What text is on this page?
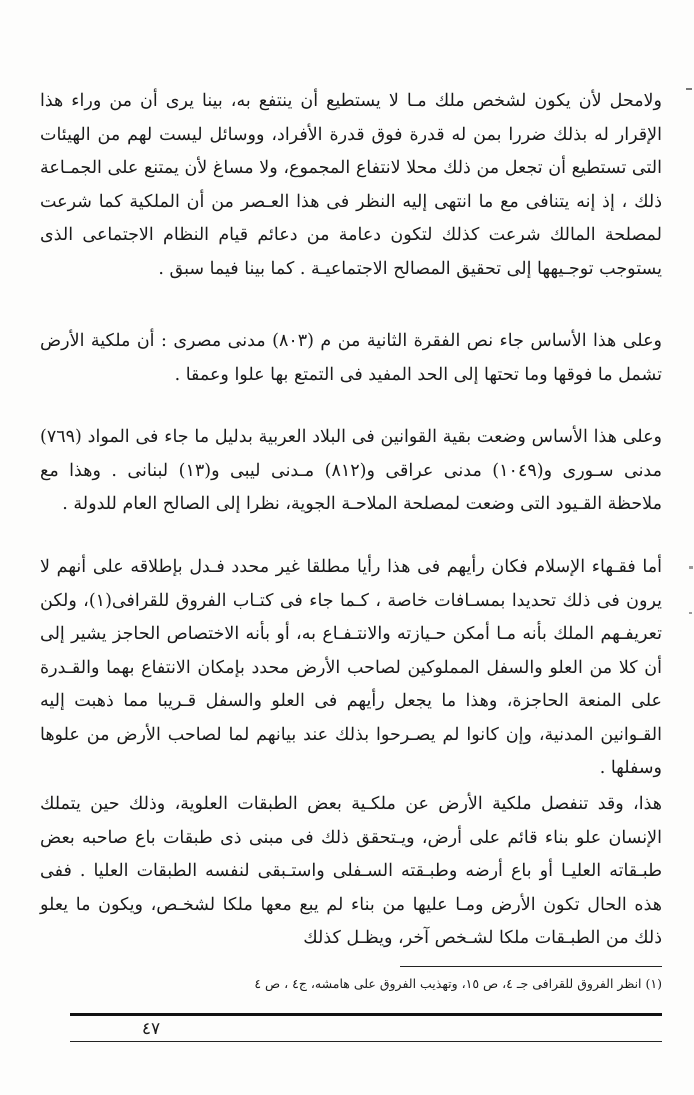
ولامحل لأن يكون لشخص ملك مـا لا يستطيع أن ينتفع به، بينا يرى أن من وراء هذا الإقرار له بذلك ضررا بمن له قدرة فوق قدرة الأفراد، ووسائل ليست لهم من الهيئات التى تستطيع أن تجعل من ذلك محلا لانتفاع المجموع، ولا مساغ لأن يمتنع على الجمـاعة ذلك ، إذ إنه يتنافى مع ما انتهى إليه النظر فى هذا العـصر من أن الملكية كما شرعت لمصلحة المالك شرعت كذلك لتكون دعامة من دعائم قيام النظام الاجتماعى الذى يستوجب توجـيهها إلى تحقيق المصالح الاجتماعيـة . كما بينا فيما سبق .

وعلى هذا الأساس جاء نص الفقرة الثانية من م (٨٠٣) مدنى مصرى : أن ملكية الأرض تشمل ما فوقها وما تحتها إلى الحد المفيد فى التمتع بها علوا وعمقا .

وعلى هذا الأساس وضعت بقية القوانين فى البلاد العربية بدليل ما جاء فى المواد (٧٦٩) مدنى سـورى و(١٠٤٩) مدنى عراقى و(٨١٢) مـدنى ليبى و(١٣) لبنانى . وهذا مع ملاحظة القـيود التى وضعت لمصلحة الملاحـة الجوية، نظرا إلى الصالح العام للدولة .

أما فقـهاء الإسلام فكان رأيهم فى هذا رأيا مطلقا غير محدد فـدل بإطلاقه على أنهم لا يرون فى ذلك تحديدا بمسـافات خاصة ، كـما جاء فى كتـاب الفروق للقرافى(١)، ولكن تعريفـهم الملك بأنه مـا أمكن حـيازته والانتـفـاع به، أو بأنه الاختصاص الحاجز يشير إلى أن كلا من العلو والسفل المملوكين لصاحب الأرض محدد بإمكان الانتفاع بهما والقـدرة على المنعة الحاجزة، وهذا ما يجعل رأيهم فى العلو والسفل قـريبا مما ذهبت إليه القـوانين المدنية، وإن كانوا لم يصـرحوا بذلك عند بيانهم لما لصاحب الأرض من علوها وسفلها .

هذا، وقد تنفصل ملكية الأرض عن ملكـية بعض الطبقات العلوية، وذلك حين يتملك الإنسان علو بناء قائم على أرض، ويـتحقق ذلك فى مبنى ذى طبقات باع صاحبه بعض طبـقاته العليـا أو باع أرضه وطبـقته السـفلى واستـبقى لنفسه الطبقات العليا . ففى هذه الحال تكون الأرض ومـا عليها من بناء لم يبع معها ملكا لشخـص، ويكون ما يعلو ذلك من الطبـقات ملكا لشـخص آخر، ويظـل كذلك

(١) انظر الفروق للقرافى جـ ٤، ص ١٥، وتهذيب الفروق على هامشه، ج٤ ، ص ٤

٤٧
